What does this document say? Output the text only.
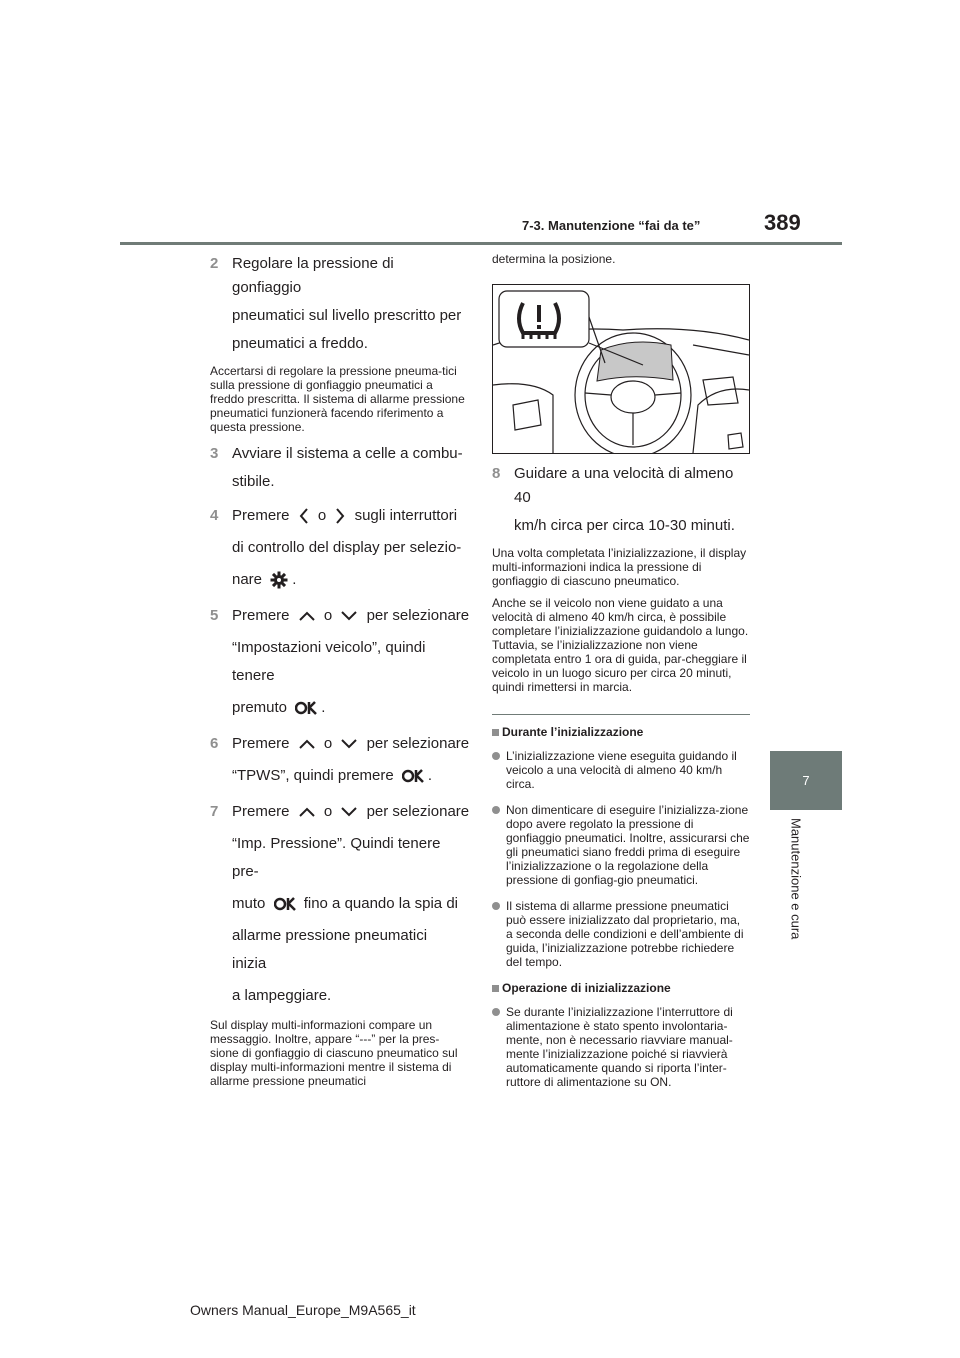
7-3. Manutenzione “fai da te”	389
7
Manutenzione e cura
2 Regolare la pressione di gonfiaggio

pneumatici sul livello prescritto per

pneumatici a freddo.

Accertarsi di regolare la pressione pneuma-tici sulla pressione di gonfiaggio pneumatici a freddo prescritta. Il sistema di allarme pressione pneumatici funzionerà facendo riferimento a questa pressione.

3 Avviare il sistema a celle a combu-

stibile.

4 Premere o sugli interruttori

di controllo del display per selezio-

nare .

5 Premere o per selezionare

“Impostazioni veicolo”, quindi tenere

premuto .

6 Premere o per selezionare

“TPWS”, quindi premere .

7 Premere o per selezionare

“Imp. Pressione”. Quindi tenere pre-

muto	fino a quando la spia di

allarme pressione pneumatici inizia

a lampeggiare.

Sul display multi-informazioni compare un messaggio. Inoltre, appare “---” per la pres-sione di gonfiaggio di ciascuno pneumatico sul display multi-informazioni mentre il sistema di allarme pressione pneumatici

determina la posizione.

8 Guidare a una velocità di almeno 40

km/h circa per circa 10-30 minuti.

Una volta completata l’inizializzazione, il display multi-informazioni indica la pressione di gonfiaggio di ciascuno pneumatico.

Anche se il veicolo non viene guidato a una velocità di almeno 40 km/h circa, è possibile completare l’inizializzazione guidandolo a lungo. Tuttavia, se l’inizializzazione non viene completata entro 1 ora di guida, par-cheggiare il veicolo in un luogo sicuro per circa 20 minuti, quindi rimettersi in marcia.

Durante l’inizializzazione
L’inizializzazione viene eseguita guidando il veicolo a una velocità di almeno 40 km/h circa.
Non dimenticare di eseguire l’inizializza-zione dopo avere regolato la pressione di gonfiaggio pneumatici. Inoltre, assicurarsi che gli pneumatici siano freddi prima di eseguire l’inizializzazione o la regolazione della pressione di gonfiag-gio pneumatici.
Il sistema di allarme pressione pneumatici può essere inizializzato dal proprietario, ma, a seconda delle condizioni e dell’ambiente di guida, l’inizializzazione potrebbe richiedere del tempo.
Operazione di inizializzazione
Se durante l’inizializzazione l’interruttore di alimentazione è stato spento involontaria-mente, non è necessario riavviare manual-mente l’inizializzazione poiché si riavvierà automaticamente quando si riporta l’inter-ruttore di alimentazione su ON.
Owners Manual_Europe_M9A565_it
